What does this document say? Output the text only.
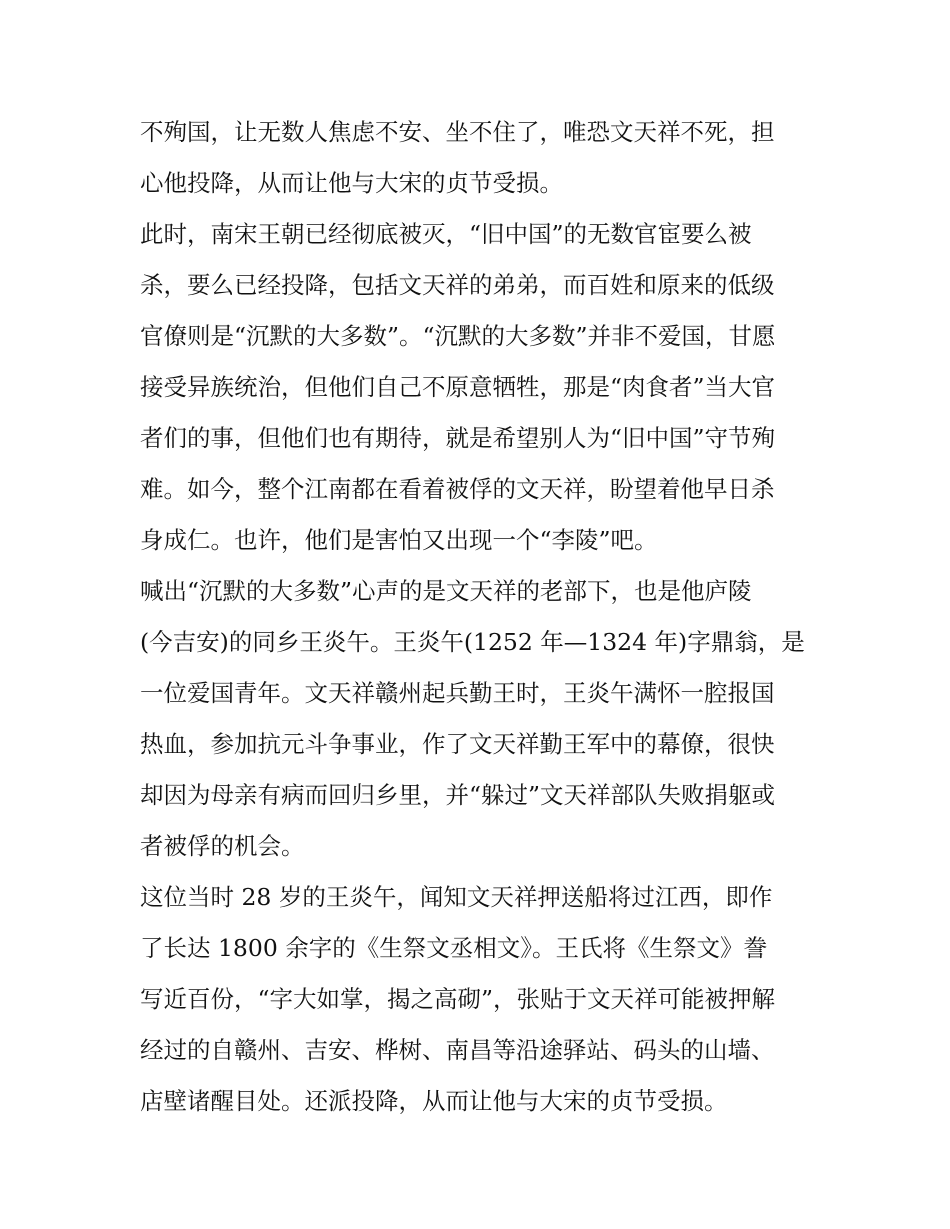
不殉国，让无数人焦虑不安、坐不住了，唯恐文天祥不死，担
心他投降，从而让他与大宋的贞节受损。
此时，南宋王朝已经彻底被灭，“旧中国”的无数官宦要么被
杀，要么已经投降，包括文天祥的弟弟，而百姓和原来的低级
官僚则是“沉默的大多数”。“沉默的大多数”并非不爱国，甘愿
接受异族统治，但他们自己不原意牺牲，那是“肉食者”当大官
者们的事，但他们也有期待，就是希望别人为“旧中国”守节殉
难。如今，整个江南都在看着被俘的文天祥，盼望着他早日杀
身成仁。也许，他们是害怕又出现一个“李陵”吧。
喊出“沉默的大多数”心声的是文天祥的老部下，也是他庐陵
(今吉安)的同乡王炎午。王炎午(1252 年—1324 年)字鼎翁，是
一位爱国青年。文天祥赣州起兵勤王时，王炎午满怀一腔报国
热血，参加抗元斗争事业，作了文天祥勤王军中的幕僚，很快
却因为母亲有病而回归乡里，并“躲过”文天祥部队失败捐躯或
者被俘的机会。
这位当时 28 岁的王炎午，闻知文天祥押送船将过江西，即作
了长达 1800 余字的《生祭文丞相文》。王氏将《生祭文》誊
写近百份，“字大如掌，揭之高砌”，张贴于文天祥可能被押解
经过的自赣州、吉安、桦树、南昌等沿途驿站、码头的山墙、
店壁诸醒目处。还派投降，从而让他与大宋的贞节受损。
